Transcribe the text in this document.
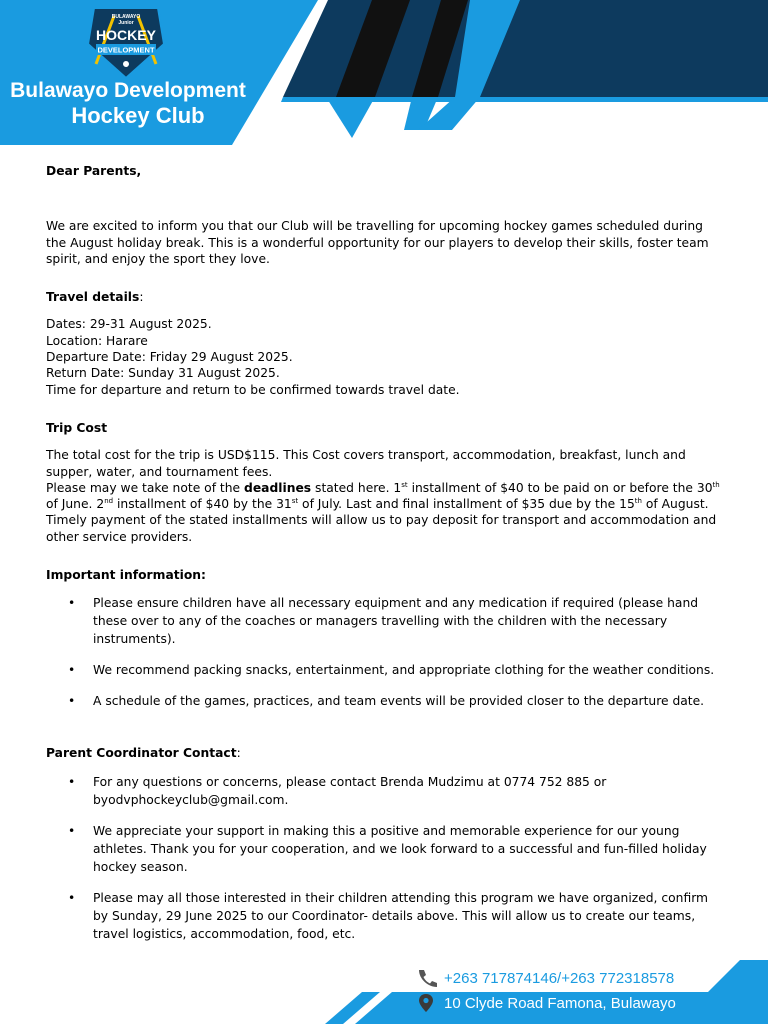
BULAWAYO
Junior
HOCKEY
DEVELOPMENT
Bulawayo Development
Hockey Club

Dear Parents,

We are excited to inform you that our Club will be travelling for upcoming hockey games scheduled during the August holiday break. This is a wonderful opportunity for our players to develop their skills, foster team spirit, and enjoy the sport they love.

Travel details:

Dates: 29-31 August 2025.

Location: Harare

Departure Date: Friday 29 August 2025.

Return Date: Sunday 31 August 2025.

Time for departure and return to be confirmed towards travel date.

Trip Cost

The total cost for the trip is USD$115. This Cost covers transport, accommodation, breakfast, lunch and supper, water, and tournament fees.

Please may we take note of the deadlines stated here. 1st installment of $40 to be paid on or before the 30th of June. 2nd installment of $40 by the 31st of July. Last and final installment of $35 due by the 15th of August. Timely payment of the stated installments will allow us to pay deposit for transport and accommodation and other service providers.

Important information:

• Please ensure children have all necessary equipment and any medication if required (please hand these over to any of the coaches or managers travelling with the children with the necessary instruments).
• We recommend packing snacks, entertainment, and appropriate clothing for the weather conditions.
• A schedule of the games, practices, and team events will be provided closer to the departure date.

Parent Coordinator Contact:

• For any questions or concerns, please contact Brenda Mudzimu at 0774 752 885 or byodvphockeyclub@gmail.com.
• We appreciate your support in making this a positive and memorable experience for our young athletes. Thank you for your cooperation, and we look forward to a successful and fun-filled holiday hockey season.
• Please may all those interested in their children attending this program we have organized, confirm by Sunday, 29 June 2025 to our Coordinator- details above. This will allow us to create our teams, travel logistics, accommodation, food, etc.
+263 717874146/+263 772318578
10 Clyde Road Famona, Bulawayo
